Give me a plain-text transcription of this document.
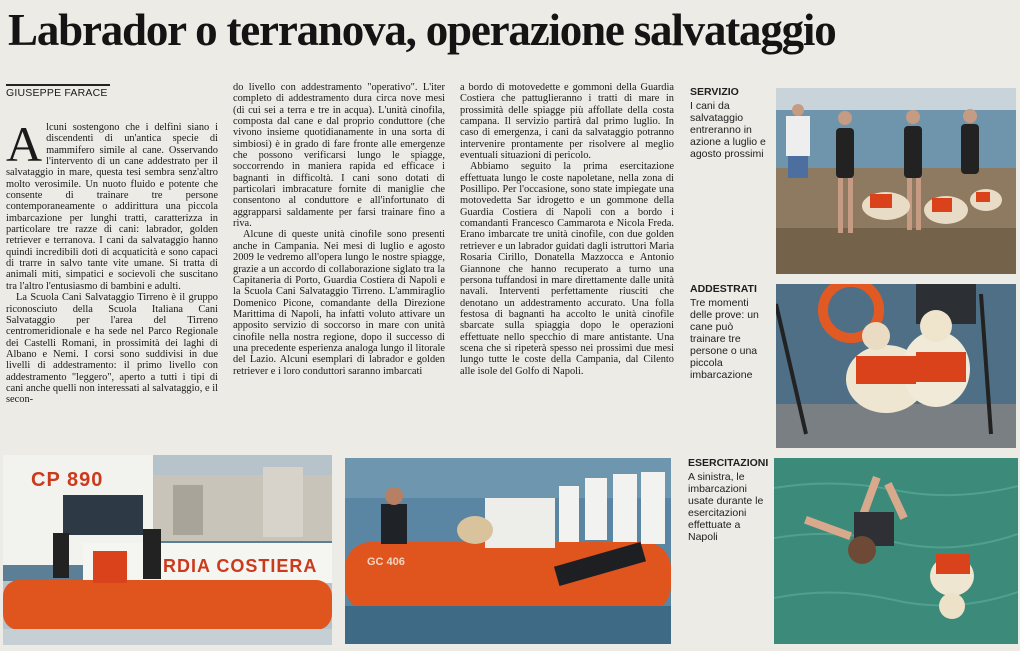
Labrador o terranova, operazione salvataggio
GIUSEPPE FARACE
A lcuni sostengono che i delfini siano i discendenti di un'antica specie di mammifero simile al cane. Osservando l'intervento di un cane addestrato per il salvataggio in mare, questa tesi sembra senz'altro molto verosimile. Un nuoto fluido e potente che consente di trainare tre persone contemporaneamente o addirittura una piccola imbarcazione per lunghi tratti, caratterizza in particolare tre razze di cani: labrador, golden retriever e terranova. I cani da salvataggio hanno quindi incredibili doti di acquaticità e sono capaci di trarre in salvo tante vite umane. Si tratta di animali miti, simpatici e socievoli che suscitano tra l'altro l'entusiasmo di bambini e adulti.

La Scuola Cani Salvataggio Tirreno è il gruppo riconosciuto della Scuola Italiana Cani Salvataggio per l'area del Tirreno centromeridionale e ha sede nel Parco Regionale dei Castelli Romani, in prossimità dei laghi di Albano e Nemi. I corsi sono suddivisi in due livelli di addestramento: il primo livello con addestramento "leggero", aperto a tutti i tipi di cani anche quelli non interessati al salvataggio, e il secon-

do livello con addestramento "operativo". L'iter completo di addestramento dura circa nove mesi (di cui sei a terra e tre in acqua). L'unità cinofila, composta dal cane e dal proprio conduttore (che vivono insieme quotidianamente in una sorta di simbiosi) è in grado di fare fronte alle emergenze che possono verificarsi lungo le spiagge, soccorrendo in maniera rapida ed efficace i bagnanti in difficoltà. I cani sono dotati di particolari imbracature fornite di maniglie che consentono al conduttore e all'infortunato di aggrapparsi saldamente per farsi trainare fino a riva.

Alcune di queste unità cinofile sono presenti anche in Campania. Nei mesi di luglio e agosto 2009 le vedremo all'opera lungo le nostre spiagge, grazie a un accordo di collaborazione siglato tra la Capitaneria di Porto, Guardia Costiera di Napoli e la Scuola Cani Salvataggio Tirreno. L'ammiraglio Domenico Picone, comandante della Direzione Marittima di Napoli, ha infatti voluto attivare un apposito servizio di soccorso in mare con unità cinofile nella nostra regione, dopo il successo di una precedente esperienza analoga lungo il litorale del Lazio. Alcuni esemplari di labrador e golden retriever e i loro conduttori saranno imbarcati

a bordo di motovedette e gommoni della Guardia Costiera che pattuglieranno i tratti di mare in prossimità delle spiagge più affollate della costa campana. Il servizio partirà dal primo luglio. In caso di emergenza, i cani da salvataggio potranno intervenire prontamente per risolvere al meglio eventuali situazioni di pericolo.

Abbiamo seguito la prima esercitazione effettuata lungo le coste napoletane, nella zona di Posillipo. Per l'occasione, sono state impiegate una motovedetta Sar idrogetto e un gommone della Guardia Costiera di Napoli con a bordo i comandanti Francesco Cammarota e Nicola Freda. Erano imbarcate tre unità cinofile, con due golden retriever e un labrador guidati dagli istruttori Maria Rosaria Cirillo, Donatella Mazzocca e Antonio Giannone che hanno recuperato a turno una persona tuffandosi in mare direttamente dalle unità navali. Interventi perfettamente riusciti che denotano un addestramento accurato. Una folla festosa di bagnanti ha accolto le unità cinofile sbarcate sulla spiaggia dopo le operazioni effettuate nello specchio di mare antistante. Una scena che si ripeterà spesso nei prossimi due mesi lungo tutte le coste della Campania, dal Cilento alle isole del Golfo di Napoli.

SERVIZIO
I cani da salvataggio entreranno in azione a luglio e agosto prossimi
ADDESTRATI
Tre momenti delle prove: un cane può trainare tre persone o una piccola imbarcazione
ESERCITAZIONI
A sinistra, le imbarcazioni usate durante le esercitazioni effettuate a Napoli
CP 890
RDIA COSTIERA	GC 406
